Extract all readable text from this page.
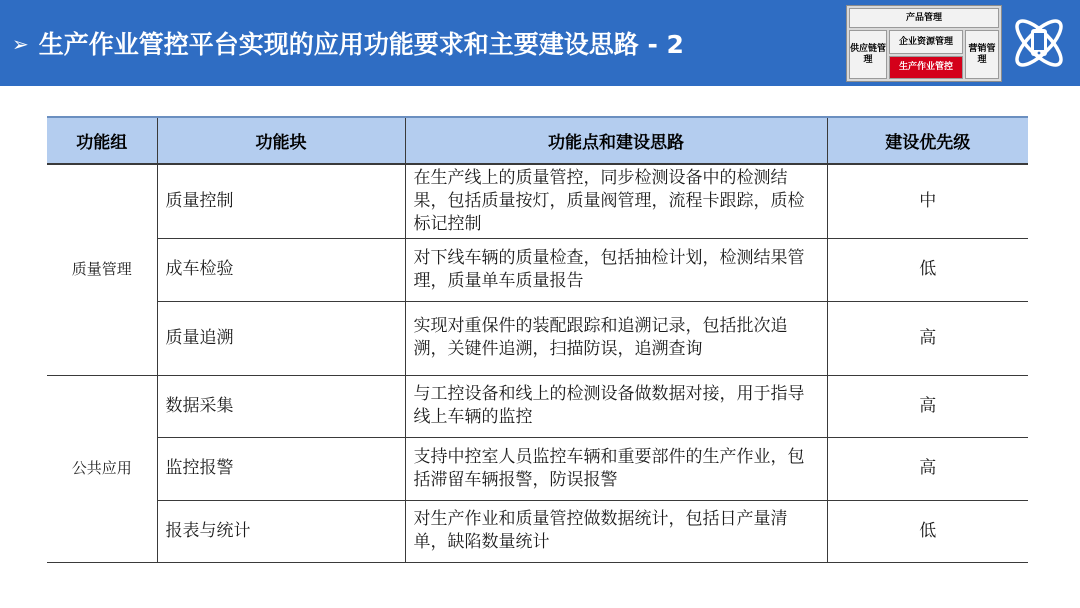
➢ 生产作业管控平台实现的应用功能要求和主要建设思路 - 2
产品管理
供应链管理
企业资源管理
生产作业管控
营销管理
功能组	功能块	功能点和建设思路	建设优先级
质量管理	质量控制	在生产线上的质量管控，同步检测设备中的检测结果，包括质量按灯，质量阀管理，流程卡跟踪，质检标记控制	中
	成车检验	对下线车辆的质量检查，包括抽检计划，检测结果管理，质量单车质量报告	低
	质量追溯	实现对重保件的装配跟踪和追溯记录，包括批次追溯，关键件追溯，扫描防误，追溯查询	高
公共应用	数据采集	与工控设备和线上的检测设备做数据对接，用于指导线上车辆的监控	高
	监控报警	支持中控室人员监控车辆和重要部件的生产作业，包括滞留车辆报警，防误报警	高
	报表与统计	对生产作业和质量管控做数据统计，包括日产量清单，缺陷数量统计	低
